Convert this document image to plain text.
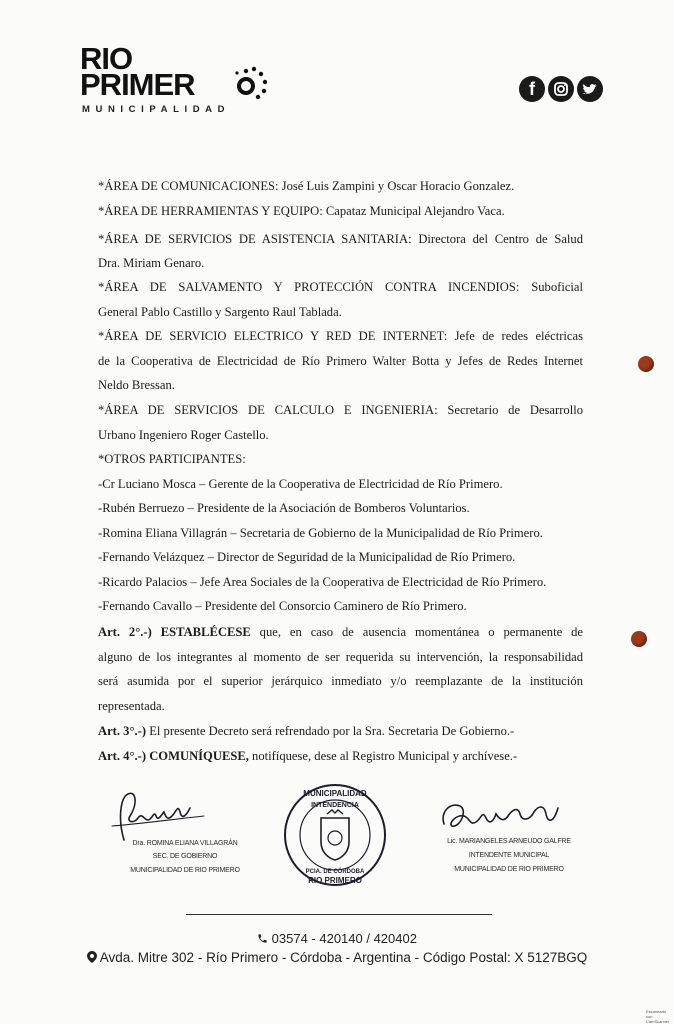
RIO
PRIMER
MUNICIPALIDAD
f
*ÁREA DE COMUNICACIONES: José Luis Zampini y Oscar Horacio Gonzalez.
*ÁREA DE HERRAMIENTAS Y EQUIPO: Capataz Municipal Alejandro Vaca.
*ÁREA DE SERVICIOS DE ASISTENCIA SANITARIA: Directora del Centro de Salud
Dra. Miriam Genaro.
*ÁREA DE SALVAMENTO Y PROTECCIÓN CONTRA INCENDIOS: Suboficial
General Pablo Castillo y Sargento Raul Tablada.
*ÁREA DE SERVICIO ELECTRICO Y RED DE INTERNET: Jefe de redes eléctricas
de la Cooperativa de Electricidad de Río Primero Walter Botta y Jefes de Redes Internet
Neldo Bressan.
*ÁREA DE SERVICIOS DE CALCULO E INGENIERIA: Secretario de Desarrollo
Urbano Ingeniero Roger Castello.
*OTROS PARTICIPANTES:
-Cr Luciano Mosca – Gerente de la Cooperativa de Electricidad de Río Primero.
-Rubén Berruezo – Presidente de la Asociación de Bomberos Voluntarios.
-Romina Eliana Villagrán – Secretaria de Gobierno de la Municipalidad de Río Primero.
-Fernando Velázquez – Director de Seguridad de la Municipalidad de Río Primero.
-Ricardo Palacios – Jefe Area Sociales de la Cooperativa de Electricidad de Río Primero.
-Fernando Cavallo – Presidente del Consorcio Caminero de Río Primero.
Art. 2°.-) ESTABLÉCESE que, en caso de ausencia momentánea o permanente de
alguno de los integrantes al momento de ser requerida su intervención, la responsabilidad
será asumida por el superior jerárquico inmediato y/o reemplazante de la institución
representada.
Art. 3°.-) El presente Decreto será refrendado por la Sra. Secretaria De Gobierno.-
Art. 4°.-) COMUNÍQUESE, notifíquese, dese al Registro Municipal y archívese.-
Dra. ROMINA ELIANA VILLAGRÁN
SEC. DE GOBIERNO
MUNICIPALIDAD DE RIO PRIMERO
MUNICIPALIDAD
INTENDENCIA
PCIA. DE CÓRDOBA
RIO PRIMERO
Lic. MARIANGELES ARNEUDO GALFRE
INTENDENTE MUNICIPAL
MUNICIPALIDAD DE RIO PRIMERO
03574 - 420140 / 420402
Avda. Mitre 302 - Río Primero - Córdoba - Argentina - Código Postal: X 5127BGQ
Escaneado con CamScanner
